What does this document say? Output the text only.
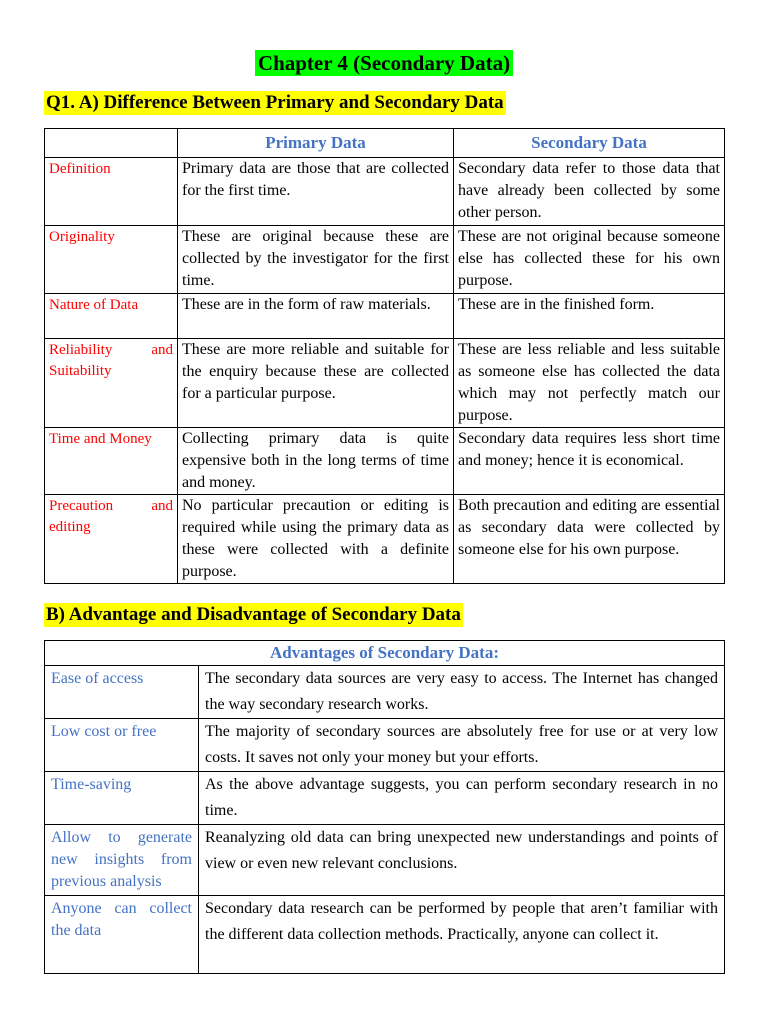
Chapter 4 (Secondary Data)
Q1. A) Difference Between Primary and Secondary Data
	Primary Data	Secondary Data
Definition	Primary data are those that are collected for the first time.	Secondary data refer to those data that have already been collected by some other person.
Originality	These are original because these are collected by the investigator for the first time.	These are not original because someone else has collected these for his own purpose.
Nature of Data	These are in the form of raw materials.	These are in the finished form.
Reliability and Suitability	These are more reliable and suitable for the enquiry because these are collected for a particular purpose.	These are less reliable and less suitable as someone else has collected the data which may not perfectly match our purpose.
Time and Money	Collecting primary data is quite expensive both in the long terms of time and money.	Secondary data requires less short time and money; hence it is economical.
Precaution and editing	No particular precaution or editing is required while using the primary data as these were collected with a definite purpose.	Both precaution and editing are essential as secondary data were collected by someone else for his own purpose.
B) Advantage and Disadvantage of Secondary Data
Advantages of Secondary Data:	
Ease of access	The secondary data sources are very easy to access. The Internet has changed the way secondary research works.
Low cost or free	The majority of secondary sources are absolutely free for use or at very low costs. It saves not only your money but your efforts.
Time-saving	As the above advantage suggests, you can perform secondary research in no time.
Allow to generate new insights from previous analysis	Reanalyzing old data can bring unexpected new understandings and points of view or even new relevant conclusions.
Anyone can collect the data	Secondary data research can be performed by people that aren’t familiar with the different data collection methods. Practically, anyone can collect it.
